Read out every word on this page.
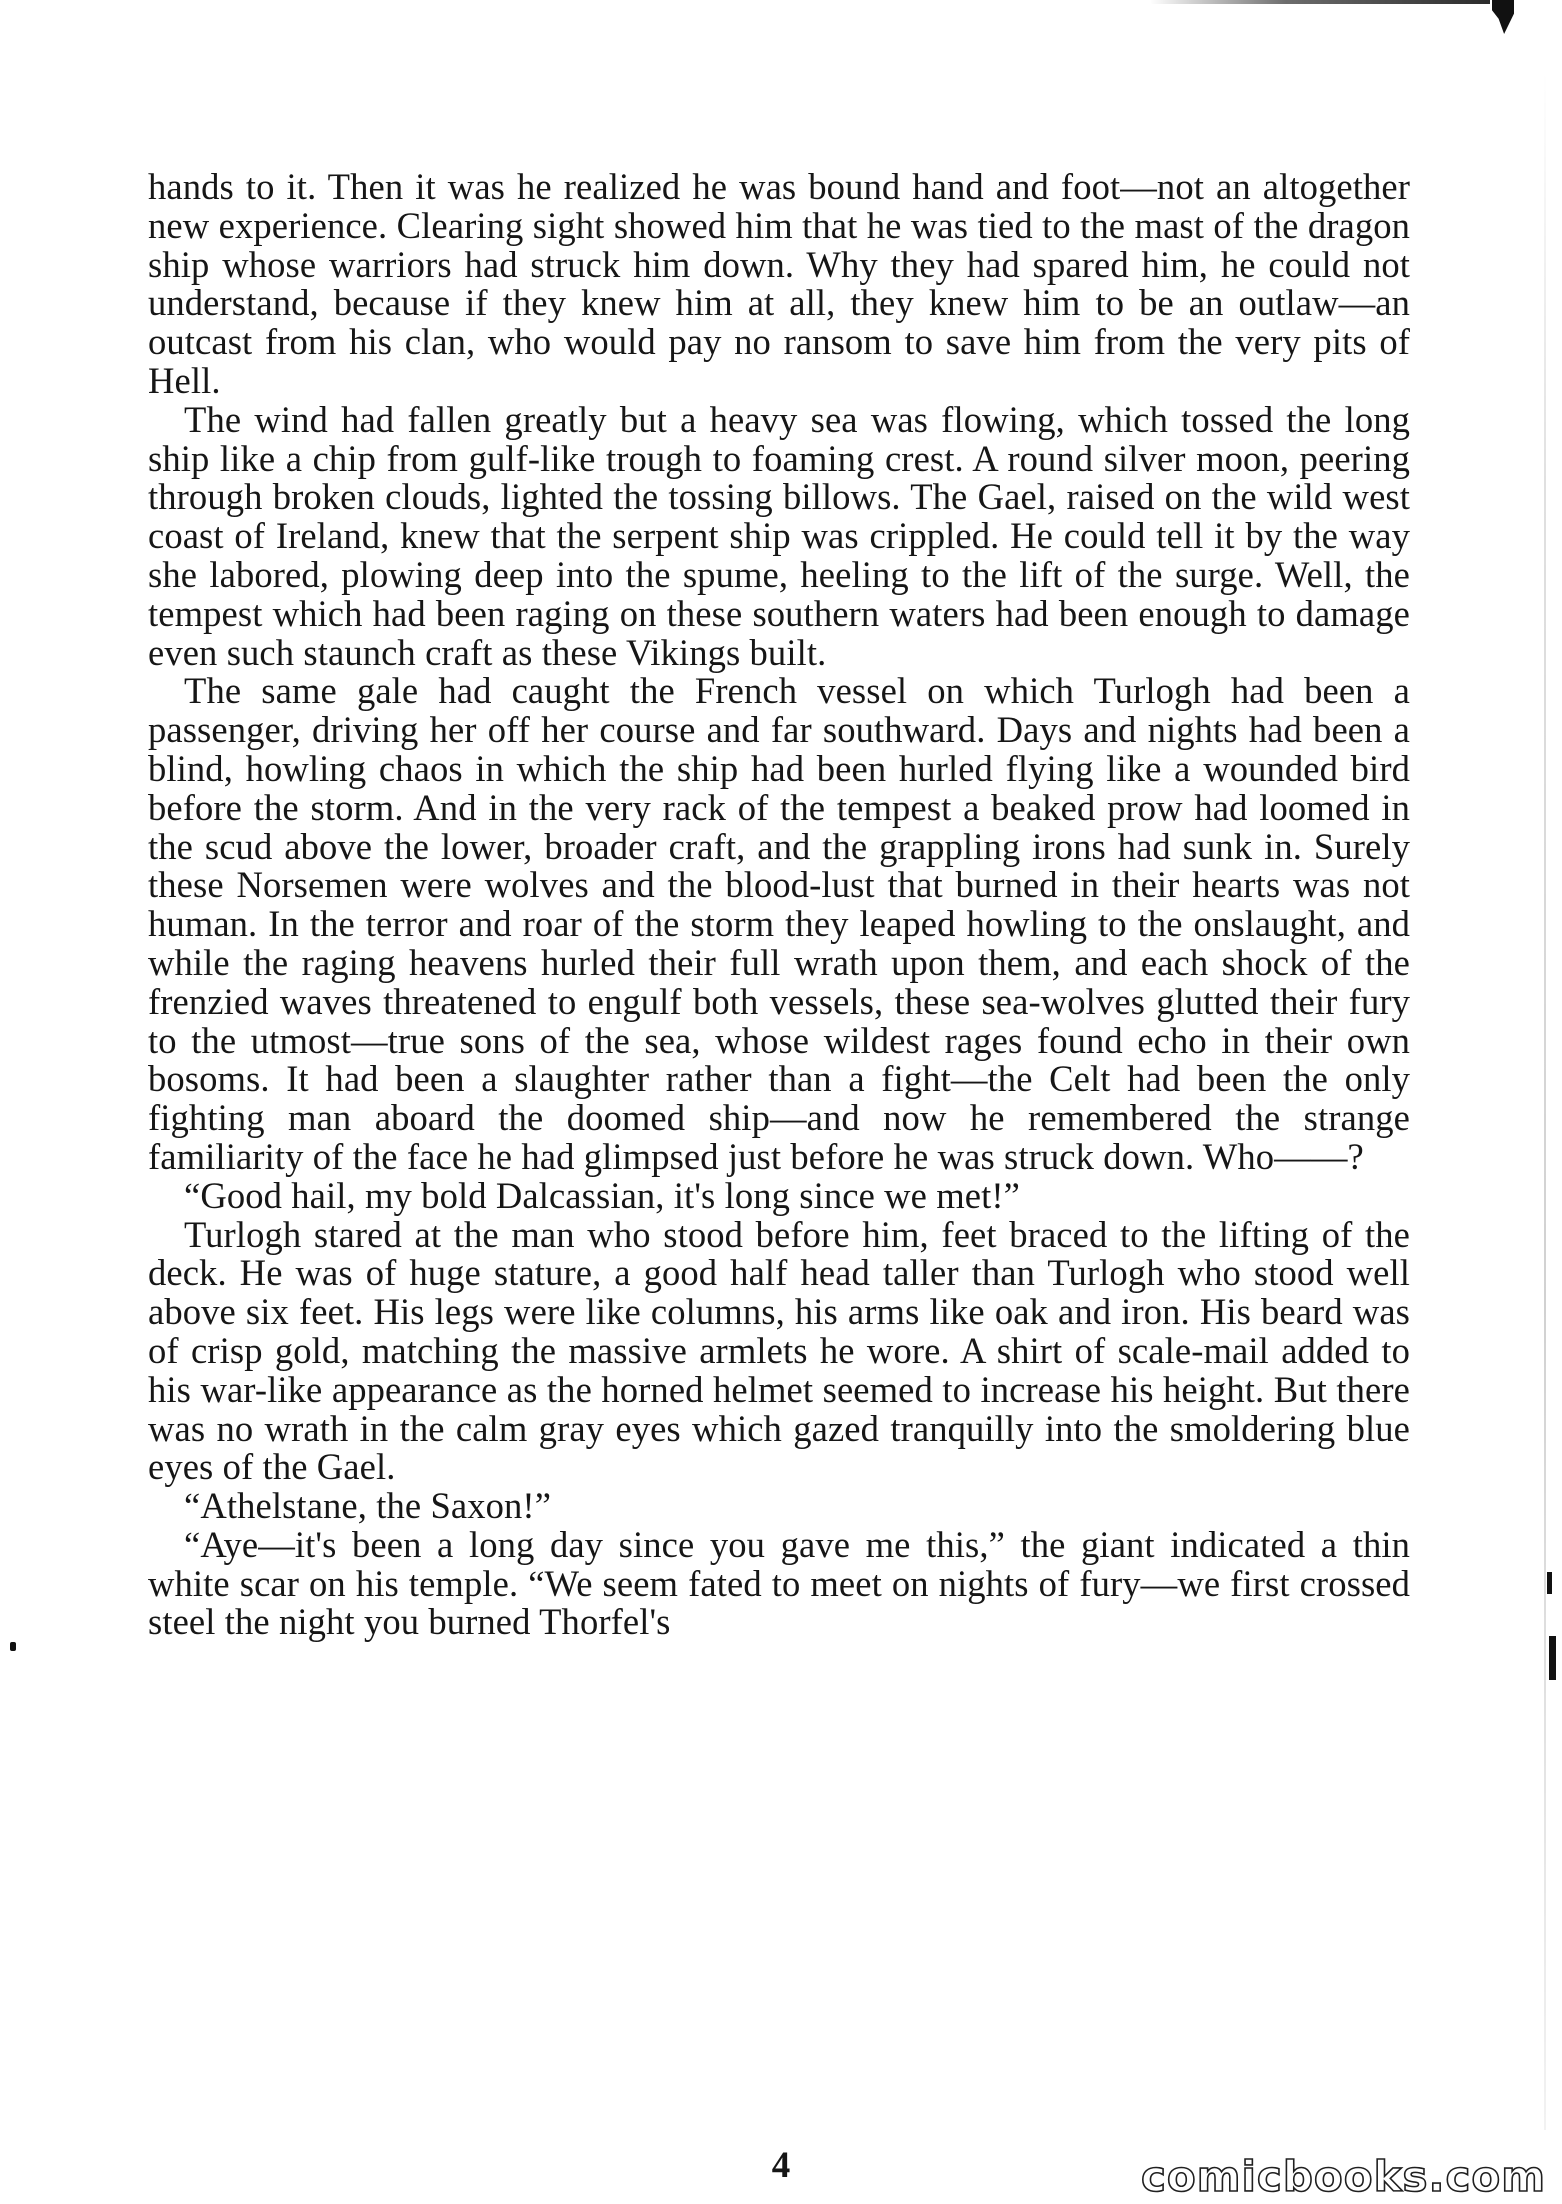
hands to it. Then it was he realized he was bound hand and foot—not an altogether new experience. Clearing sight showed him that he was tied to the mast of the dragon ship whose warriors had struck him down. Why they had spared him, he could not understand, because if they knew him at all, they knew him to be an outlaw—an outcast from his clan, who would pay no ransom to save him from the very pits of Hell.

The wind had fallen greatly but a heavy sea was flowing, which tossed the long ship like a chip from gulf-like trough to foaming crest. A round silver moon, peering through broken clouds, lighted the tossing billows. The Gael, raised on the wild west coast of Ireland, knew that the serpent ship was crippled. He could tell it by the way she labored, plowing deep into the spume, heeling to the lift of the surge. Well, the tempest which had been raging on these southern waters had been enough to damage even such staunch craft as these Vikings built.

The same gale had caught the French vessel on which Turlogh had been a passenger, driving her off her course and far southward. Days and nights had been a blind, howling chaos in which the ship had been hurled flying like a wounded bird before the storm. And in the very rack of the tempest a beaked prow had loomed in the scud above the lower, broader craft, and the grappling irons had sunk in. Surely these Norsemen were wolves and the blood-lust that burned in their hearts was not human. In the terror and roar of the storm they leaped howling to the onslaught, and while the raging heavens hurled their full wrath upon them, and each shock of the frenzied waves threatened to engulf both vessels, these sea-wolves glutted their fury to the utmost—true sons of the sea, whose wildest rages found echo in their own bosoms. It had been a slaughter rather than a fight—the Celt had been the only fighting man aboard the doomed ship—and now he remembered the strange familiarity of the face he had glimpsed just before he was struck down. Who——?

“Good hail, my bold Dalcassian, it's long since we met!”

Turlogh stared at the man who stood before him, feet braced to the lifting of the deck. He was of huge stature, a good half head taller than Turlogh who stood well above six feet. His legs were like columns, his arms like oak and iron. His beard was of crisp gold, matching the massive armlets he wore. A shirt of scale-mail added to his war-like appearance as the horned helmet seemed to increase his height. But there was no wrath in the calm gray eyes which gazed tranquilly into the smoldering blue eyes of the Gael.

“Athelstane, the Saxon!”

“Aye—it's been a long day since you gave me this,” the giant indicated a thin white scar on his temple. “We seem fated to meet on nights of fury—we first crossed steel the night you burned Thorfel's

4	comicbooks.com
